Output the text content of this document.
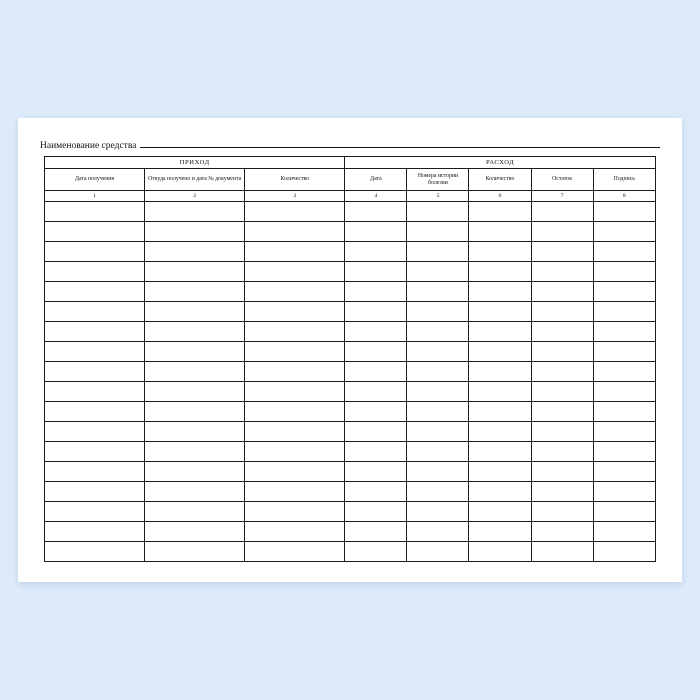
Наименование средства
ПРИХОД			РАСХОД				
Дата получения	Откуда получено и дата № документа	Количество	Дата	Номера истории болезни	Количество	Остаток	Подпись
1	2	3	4	5	6	7	8
